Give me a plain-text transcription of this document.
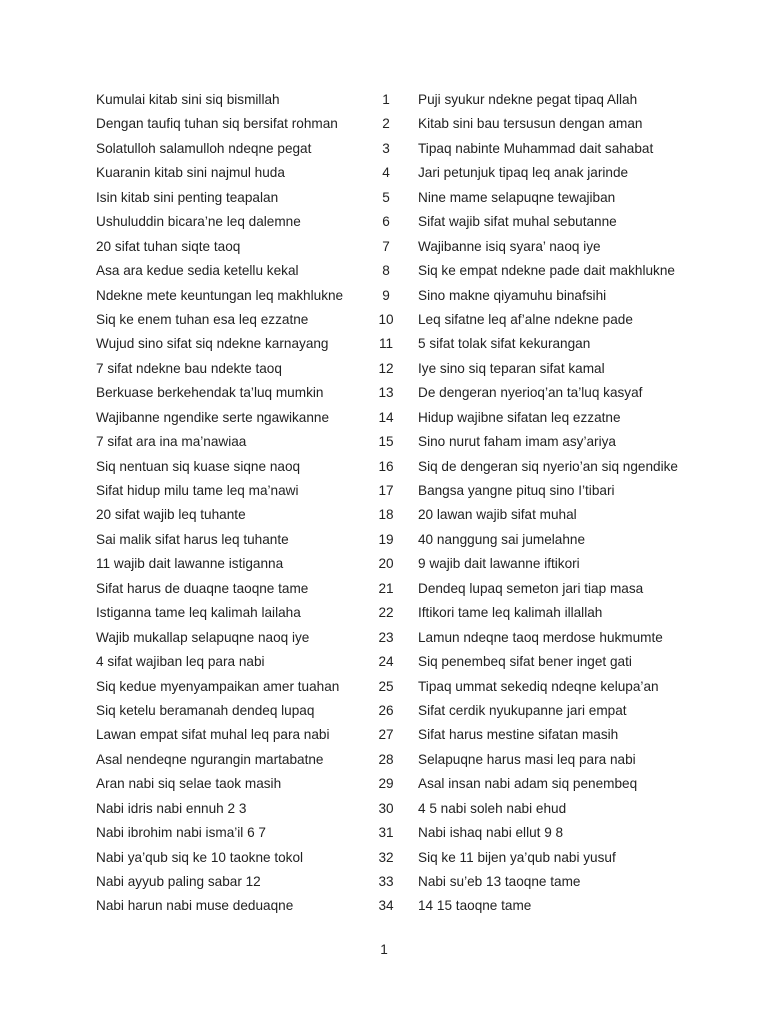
Kumulai kitab sini siq bismillah	1	Puji syukur ndekne pegat tipaq Allah
Dengan taufiq tuhan siq bersifat rohman	2	Kitab sini bau tersusun dengan aman
Solatulloh salamulloh ndeqne pegat	3	Tipaq nabinte Muhammad dait sahabat
Kuaranin kitab sini najmul huda	4	Jari petunjuk tipaq leq anak jarinde
Isin kitab sini penting teapalan	5	Nine mame selapuqne tewajiban
Ushuluddin bicara’ne leq dalemne	6	Sifat wajib sifat muhal sebutanne
20 sifat tuhan siqte taoq	7	Wajibanne isiq syara’ naoq iye
Asa ara kedue sedia ketellu kekal	8	Siq ke empat ndekne pade dait makhlukne
Ndekne mete keuntungan leq makhlukne	9	Sino makne qiyamuhu binafsihi
Siq ke enem tuhan esa leq ezzatne	10	Leq sifatne leq af’alne ndekne pade
Wujud sino sifat siq ndekne karnayang	11	5 sifat tolak sifat kekurangan
7 sifat ndekne bau ndekte taoq	12	Iye sino siq teparan sifat kamal
Berkuase berkehendak ta’luq mumkin	13	De dengeran nyerioq’an ta’luq kasyaf
Wajibanne ngendike serte ngawikanne	14	Hidup wajibne sifatan leq ezzatne
7 sifat ara ina ma’nawiaa	15	Sino nurut faham imam asy’ariya
Siq nentuan siq kuase siqne naoq	16	Siq de dengeran siq nyerio’an siq ngendike
Sifat hidup milu tame leq ma’nawi	17	Bangsa yangne pituq sino I’tibari
20 sifat wajib leq tuhante	18	20 lawan wajib sifat muhal
Sai malik sifat harus leq tuhante	19	40 nanggung sai jumelahne
11 wajib dait lawanne istiganna	20	9 wajib dait lawanne iftikori
Sifat harus de duaqne taoqne tame	21	Dendeq lupaq semeton jari tiap masa
Istiganna tame leq kalimah lailaha	22	Iftikori tame leq kalimah illallah
Wajib mukallap selapuqne naoq iye	23	Lamun ndeqne taoq merdose hukmumte
4 sifat wajiban leq para nabi	24	Siq penembeq sifat bener inget gati
Siq kedue myenyampaikan amer tuahan	25	Tipaq ummat sekediq ndeqne kelupa’an
Siq ketelu beramanah dendeq lupaq	26	Sifat cerdik nyukupanne jari empat
Lawan empat sifat muhal leq para nabi	27	Sifat harus mestine sifatan masih
Asal nendeqne ngurangin martabatne	28	Selapuqne harus masi leq para nabi
Aran nabi siq selae taok masih	29	Asal insan nabi adam siq penembeq
Nabi idris nabi ennuh 2 3	30	4 5 nabi soleh nabi ehud
Nabi ibrohim nabi isma’il 6 7	31	Nabi ishaq nabi ellut 9 8
Nabi ya’qub siq ke 10 taokne tokol	32	Siq ke 11 bijen ya’qub nabi yusuf
Nabi ayyub paling sabar 12	33	Nabi su’eb 13 taoqne tame
Nabi harun nabi muse deduaqne	34	14 15 taoqne tame
1
